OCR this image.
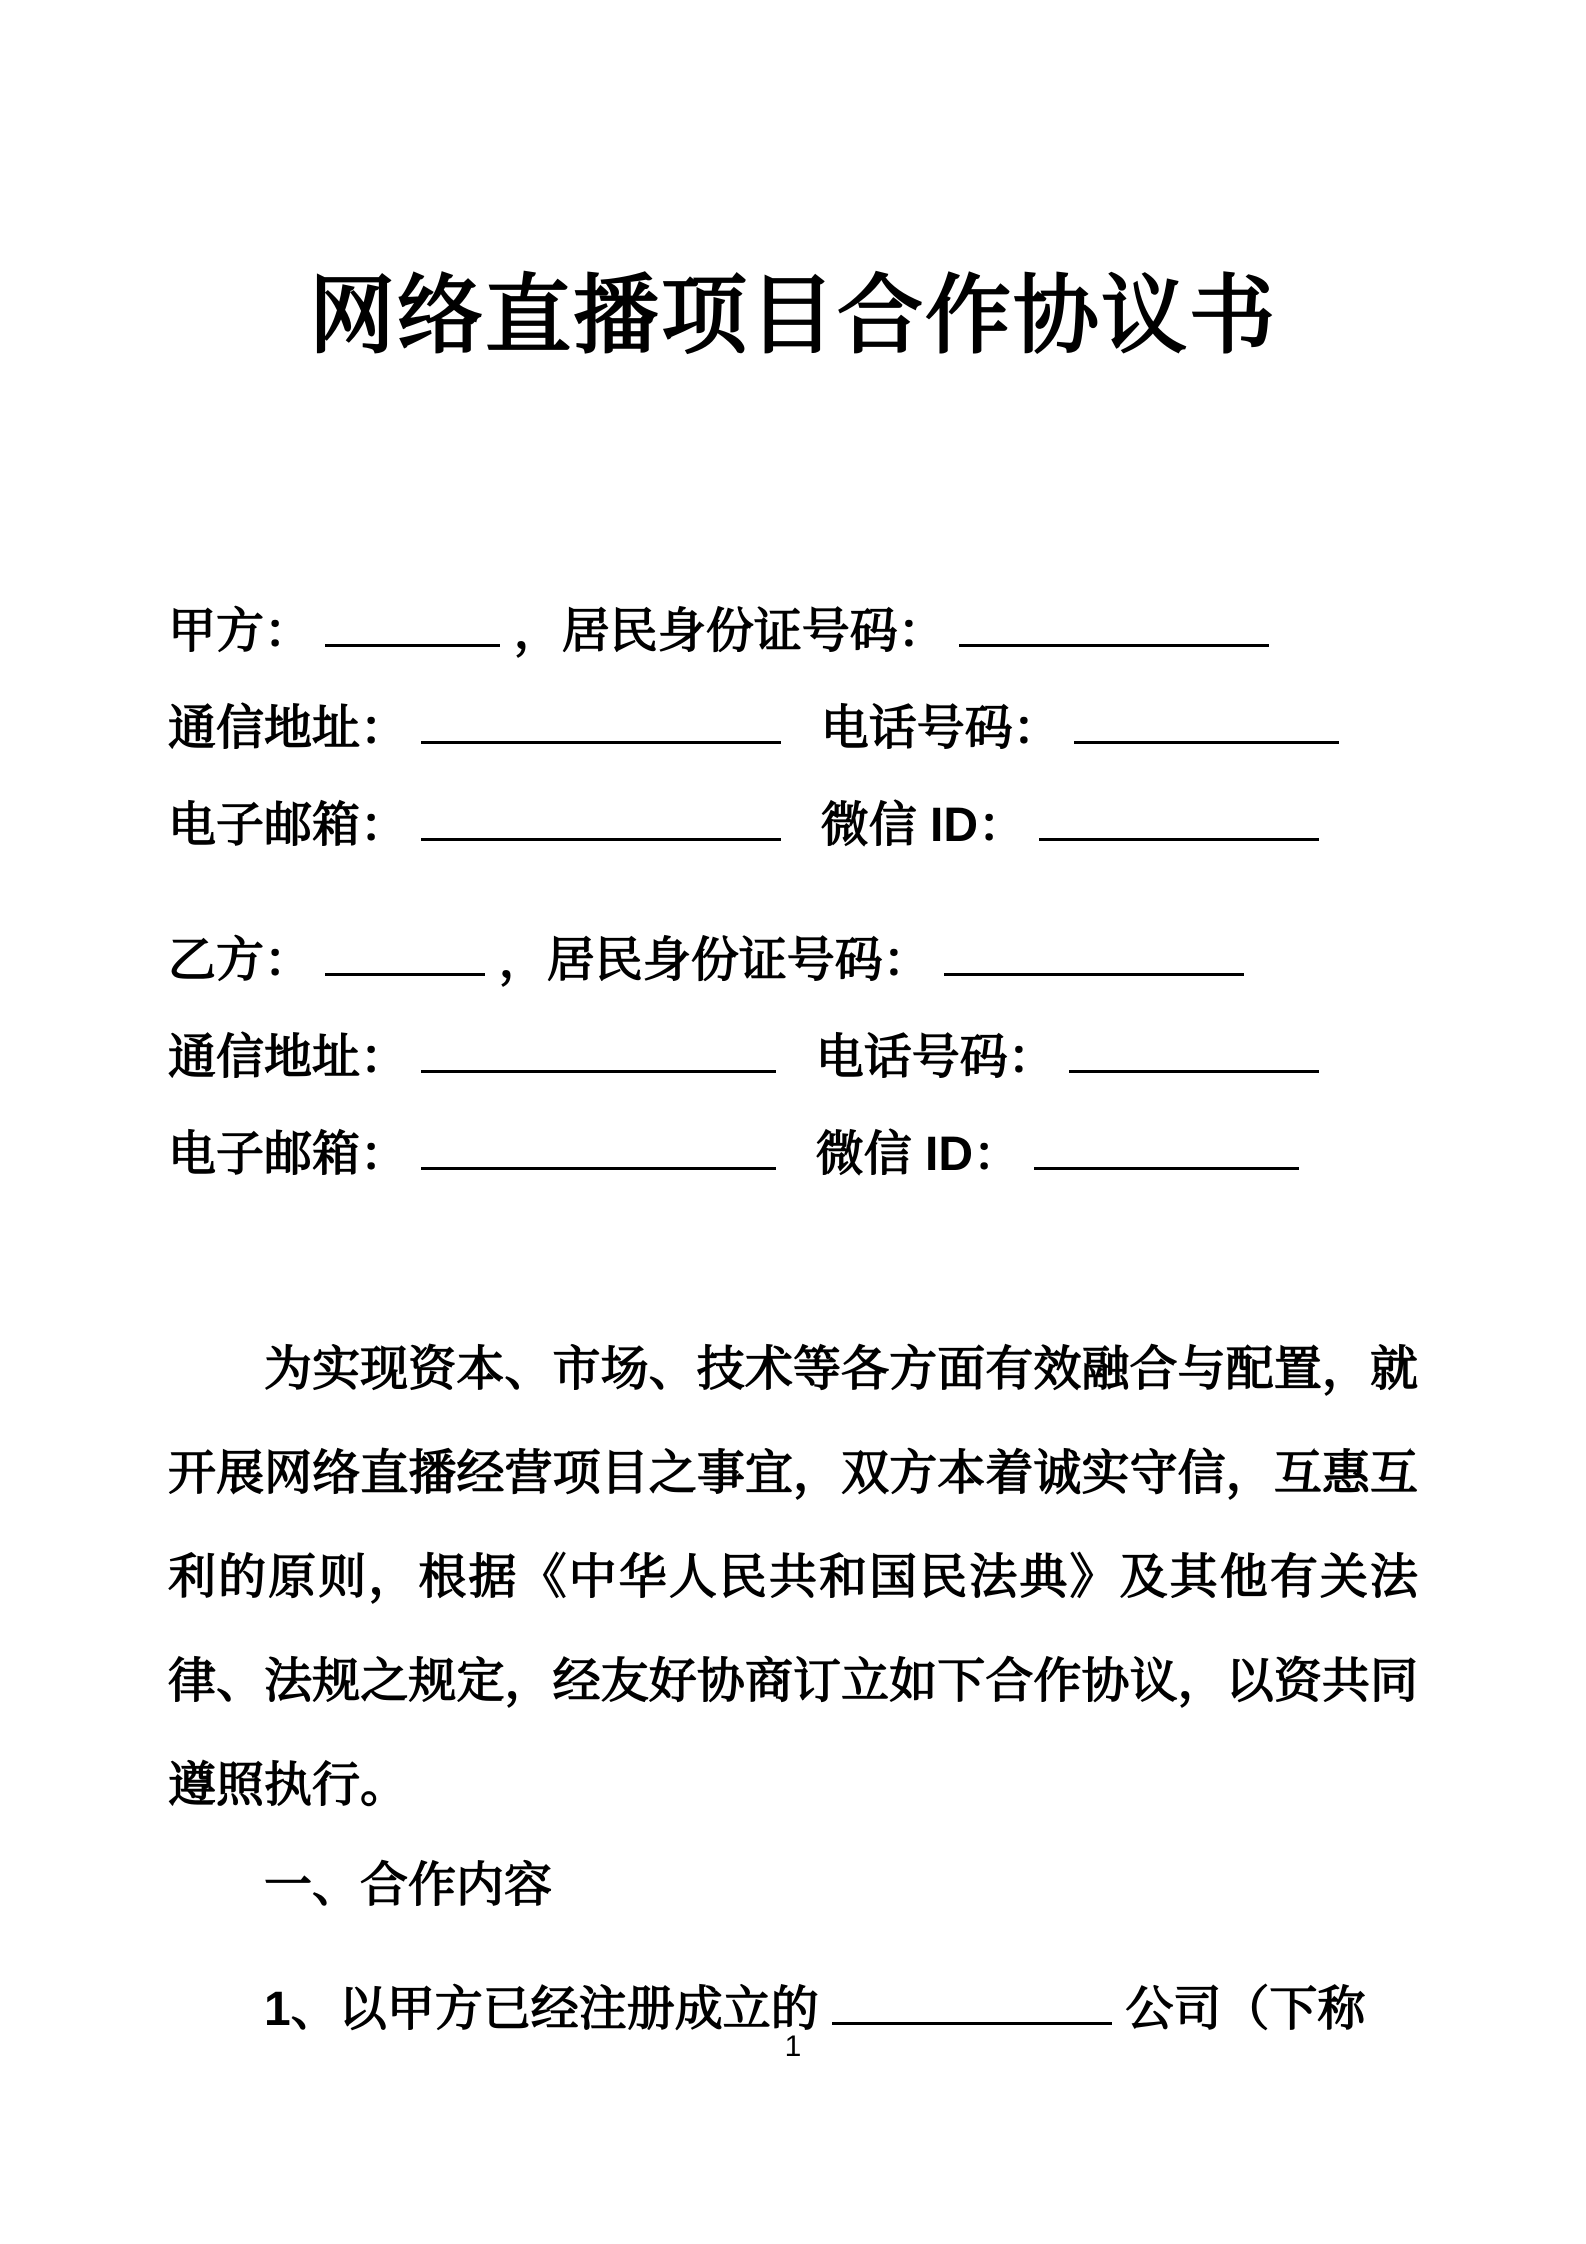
网络直播项目合作协议书
甲方：	，居民身份证号码：
通信地址：	电话号码：
电子邮箱：	微信 ID：
乙方：	，居民身份证号码：
通信地址：	电话号码：
电子邮箱：	微信 ID：

为实现资本、市场、技术等各方面有效融合与配置，就开展网络直播经营项目之事宜，双方本着诚实守信，互惠互利的原则，根据《中华人民共和国民法典》及其他有关法律、法规之规定，经友好协商订立如下合作协议，以资共同遵照执行。

一、合作内容
1、以甲方已经注册成立的	公司（下称
1
